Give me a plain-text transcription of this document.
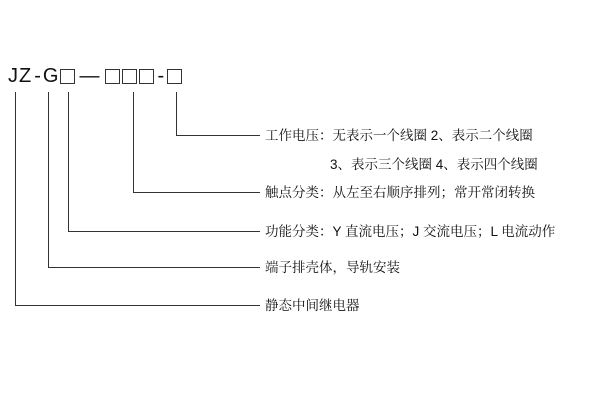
J Z - G —	-
工作电压：无表示一个线圈 2、表示二个线圈
3、表示三个线圈 4、表示四个线圈
触点分类：从左至右顺序排列；常开常闭转换
功能分类：Y 直流电压；J 交流电压；L 电流动作
端子排壳体，导轨安装
静态中间继电器
